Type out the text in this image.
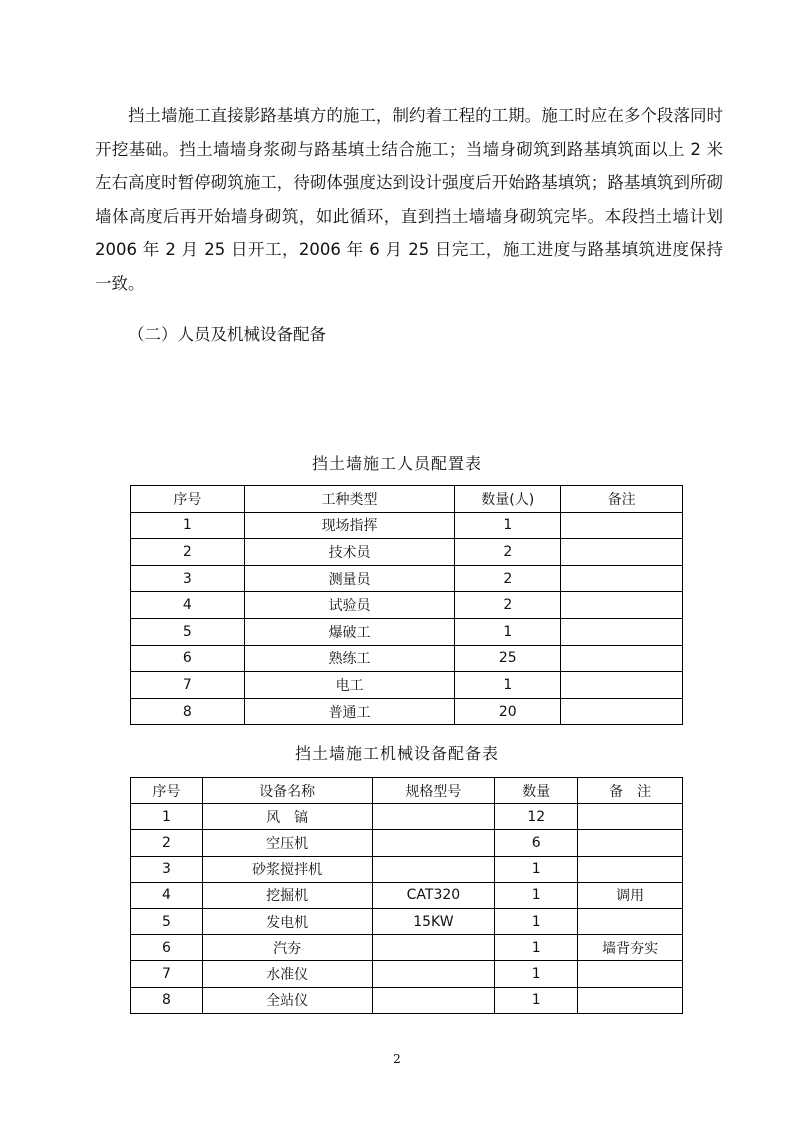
挡土墙施工直接影路基填方的施工，制约着工程的工期。施工时应在多个段落同时开挖基础。挡土墙墙身浆砌与路基填土结合施工；当墙身砌筑到路基填筑面以上 2 米左右高度时暂停砌筑施工，待砌体强度达到设计强度后开始路基填筑；路基填筑到所砌墙体高度后再开始墙身砌筑，如此循环，直到挡土墙墙身砌筑完毕。本段挡土墙计划 2006 年 2 月 25 日开工，2006 年 6 月 25 日完工，施工进度与路基填筑进度保持一致。

（二）人员及机械设备配备

挡土墙施工人员配置表

序号	工种类型	数量(人)	备注
1	现场指挥	1	
2	技术员	2	
3	测量员	2	
4	试验员	2	
5	爆破工	1	
6	熟练工	25	
7	电工	1	
8	普通工	20	

挡土墙施工机械设备配备表

序号	设备名称	规格型号	数量	备　注
1	风　镐		12	
2	空压机		6	
3	砂浆搅拌机		1	
4	挖掘机	CAT320	1	调用
5	发电机	15KW	1	
6	汽夯		1	墙背夯实
7	水准仪		1	
8	全站仪		1	

2
